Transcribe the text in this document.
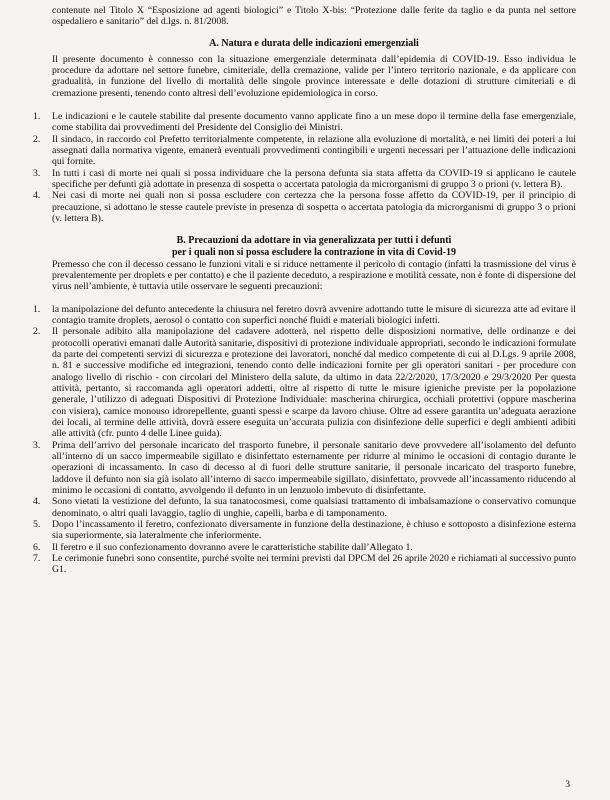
contenute nel Titolo X “Esposizione ad agenti biologici” e Titolo X-bis: “Protezione dalle ferite da taglio e da punta nel settore ospedaliero e sanitario” del d.lgs. n. 81/2008.

A. Natura e durata delle indicazioni emergenziali

Il presente documento è connesso con la situazione emergenziale determinata dall’epidemia di COVID-19. Esso individua le procedure da adottare nel settore funebre, cimiteriale, della cremazione, valide per l’intero territorio nazionale, e da applicare con gradualità, in funzione del livello di mortalità delle singole province interessate e delle dotazioni di strutture cimiteriali e di cremazione presenti, tenendo conto altresì dell’evoluzione epidemiologica in corso.

1. Le indicazioni e le cautele stabilite dal presente documento vanno applicate fino a un mese dopo il termine della fase emergenziale, come stabilita dai provvedimenti del Presidente del Consiglio dei Ministri.
2. Il sindaco, in raccordo col Prefetto territorialmente competente, in relazione alla evoluzione di mortalità, e nei limiti dei poteri a lui assegnati dalla normativa vigente, emanerà eventuali provvedimenti contingibili e urgenti necessari per l’attuazione delle indicazioni qui fornite.
3. In tutti i casi di morte nei quali si possa individuare che la persona defunta sia stata affetta da COVID-19 si applicano le cautele specifiche per defunti già adottate in presenza di sospetta o accertata patologia da microrganismi di gruppo 3 o prioni (v. lettera B).
4. Nei casi di morte nei quali non si possa escludere con certezza che la persona fosse affetto da COVID-19, per il principio di precauzione, si adottano le stesse cautele previste in presenza di sospetta o accertata patologia da microrganismi di gruppo 3 o prioni (v. lettera B).
B. Precauzioni da adottare in via generalizzata per tutti i defunti
per i quali non si possa escludere la contrazione in vita di Covid-19

Premesso che con il decesso cessano le funzioni vitali e si riduce nettamente il pericolo di contagio (infatti la trasmissione del virus è prevalentemente per droplets e per contatto) e che il paziente deceduto, a respirazione e motilità cessate, non è fonte di dispersione del virus nell’ambiente, è tuttavia utile osservare le seguenti precauzioni:

1. la manipolazione del defunto antecedente la chiusura nel feretro dovrà avvenire adottando tutte le misure di sicurezza atte ad evitare il contagio tramite droplets, aerosol o contatto con superfici nonché fluidi e materiali biologici infetti.
2. Il personale adibito alla manipolazione del cadavere adotterà, nel rispetto delle disposizioni normative, delle ordinanze e dei protocolli operativi emanati dalle Autorità sanitarie, dispositivi di protezione individuale appropriati, secondo le indicazioni formulate da parte dei competenti servizi di sicurezza e protezione dei lavoratori, nonché dal medico competente di cui al D.Lgs. 9 aprile 2008, n. 81 e successive modifiche ed integrazioni, tenendo conto delle indicazioni fornite per gli operatori sanitari - per procedure con analogo livello di rischio - con circolari del Ministero della salute, da ultimo in data 22/2/2020, 17/3/2020 e 29/3/2020 Per questa attività, pertanto, si raccomanda agli operatori addetti, oltre al rispetto di tutte le misure igieniche previste per la popolazione generale, l’utilizzo di adeguati Dispositivi di Protezione Individuale: mascherina chirurgica, occhiali protettivi (oppure mascherina con visiera), camice monouso idrorepellente, guanti spessi e scarpe da lavoro chiuse. Oltre ad essere garantita un’adeguata aerazione dei locali, al termine delle attività, dovrà essere eseguita un’accurata pulizia con disinfezione delle superfici e degli ambienti adibiti alle attività (cfr. punto 4 delle Linee guida).
3. Prima dell’arrivo del personale incaricato del trasporto funebre, il personale sanitario deve provvedere all’isolamento del defunto all’interno di un sacco impermeabile sigillato e disinfettato esternamente per ridurre al minimo le occasioni di contagio durante le operazioni di incassamento. In caso di decesso al di fuori delle strutture sanitarie, il personale incaricato del trasporto funebre, laddove il defunto non sia già isolato all’interno di sacco impermeabile sigillato, disinfettato, provvede all’incassamento riducendo al minimo le occasioni di contatto, avvolgendo il defunto in un lenzuolo imbevuto di disinfettante.
4. Sono vietati la vestizione del defunto, la sua tanatocosmesi, come qualsiasi trattamento di imbalsamazione o conservativo comunque denominato, o altri quali lavaggio, taglio di unghie, capelli, barba e di tamponamento.
5. Dopo l’incassamento il feretro, confezionato diversamente in funzione della destinazione, è chiuso e sottoposto a disinfezione esterna sia superiormente, sia lateralmente che inferiormente.
6. Il feretro e il suo confezionamento dovranno avere le caratteristiche stabilite dall’Allegato 1.
7. Le cerimonie funebri sono consentite, purché svolte nei termini previsti dal DPCM del 26 aprile 2020 e richiamati al successivo punto G1.
3
